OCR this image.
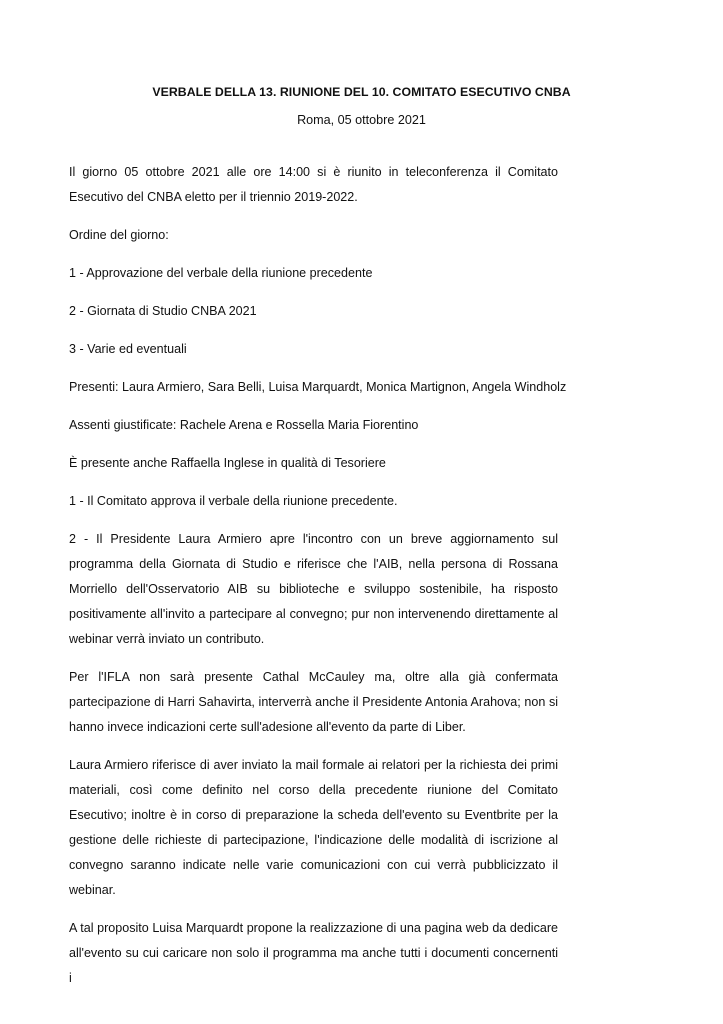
VERBALE DELLA 13. RIUNIONE DEL 10. COMITATO ESECUTIVO CNBA
Roma, 05 ottobre 2021

Il giorno 05 ottobre 2021 alle ore 14:00 si è riunito in teleconferenza il Comitato Esecutivo del CNBA eletto per il triennio 2019-2022.

Ordine del giorno:

1 - Approvazione del verbale della riunione precedente

2 - Giornata di Studio CNBA 2021

3 - Varie ed eventuali

Presenti: Laura Armiero, Sara Belli, Luisa Marquardt, Monica Martignon, Angela Windholz

Assenti giustificate: Rachele Arena e Rossella Maria Fiorentino

È presente anche Raffaella Inglese in qualità di Tesoriere

1 - Il Comitato approva il verbale della riunione precedente.

2 - Il Presidente Laura Armiero apre l'incontro con un breve aggiornamento sul programma della Giornata di Studio e riferisce che l'AIB, nella persona di Rossana Morriello dell'Osservatorio AIB su biblioteche e sviluppo sostenibile, ha risposto positivamente all'invito a partecipare al convegno; pur non intervenendo direttamente al webinar verrà inviato un contributo.

Per l'IFLA non sarà presente Cathal McCauley ma, oltre alla già confermata partecipazione di Harri Sahavirta, interverrà anche il Presidente Antonia Arahova; non si hanno invece indicazioni certe sull'adesione all'evento da parte di Liber.

Laura Armiero riferisce di aver inviato la mail formale ai relatori per la richiesta dei primi materiali, così come definito nel corso della precedente riunione del Comitato Esecutivo; inoltre è in corso di preparazione la scheda dell'evento su Eventbrite per la gestione delle richieste di partecipazione, l'indicazione delle modalità di iscrizione al convegno saranno indicate nelle varie comunicazioni con cui verrà pubblicizzato il webinar.

A tal proposito Luisa Marquardt propone la realizzazione di una pagina web da dedicare all'evento su cui caricare non solo il programma ma anche tutti i documenti concernenti i
